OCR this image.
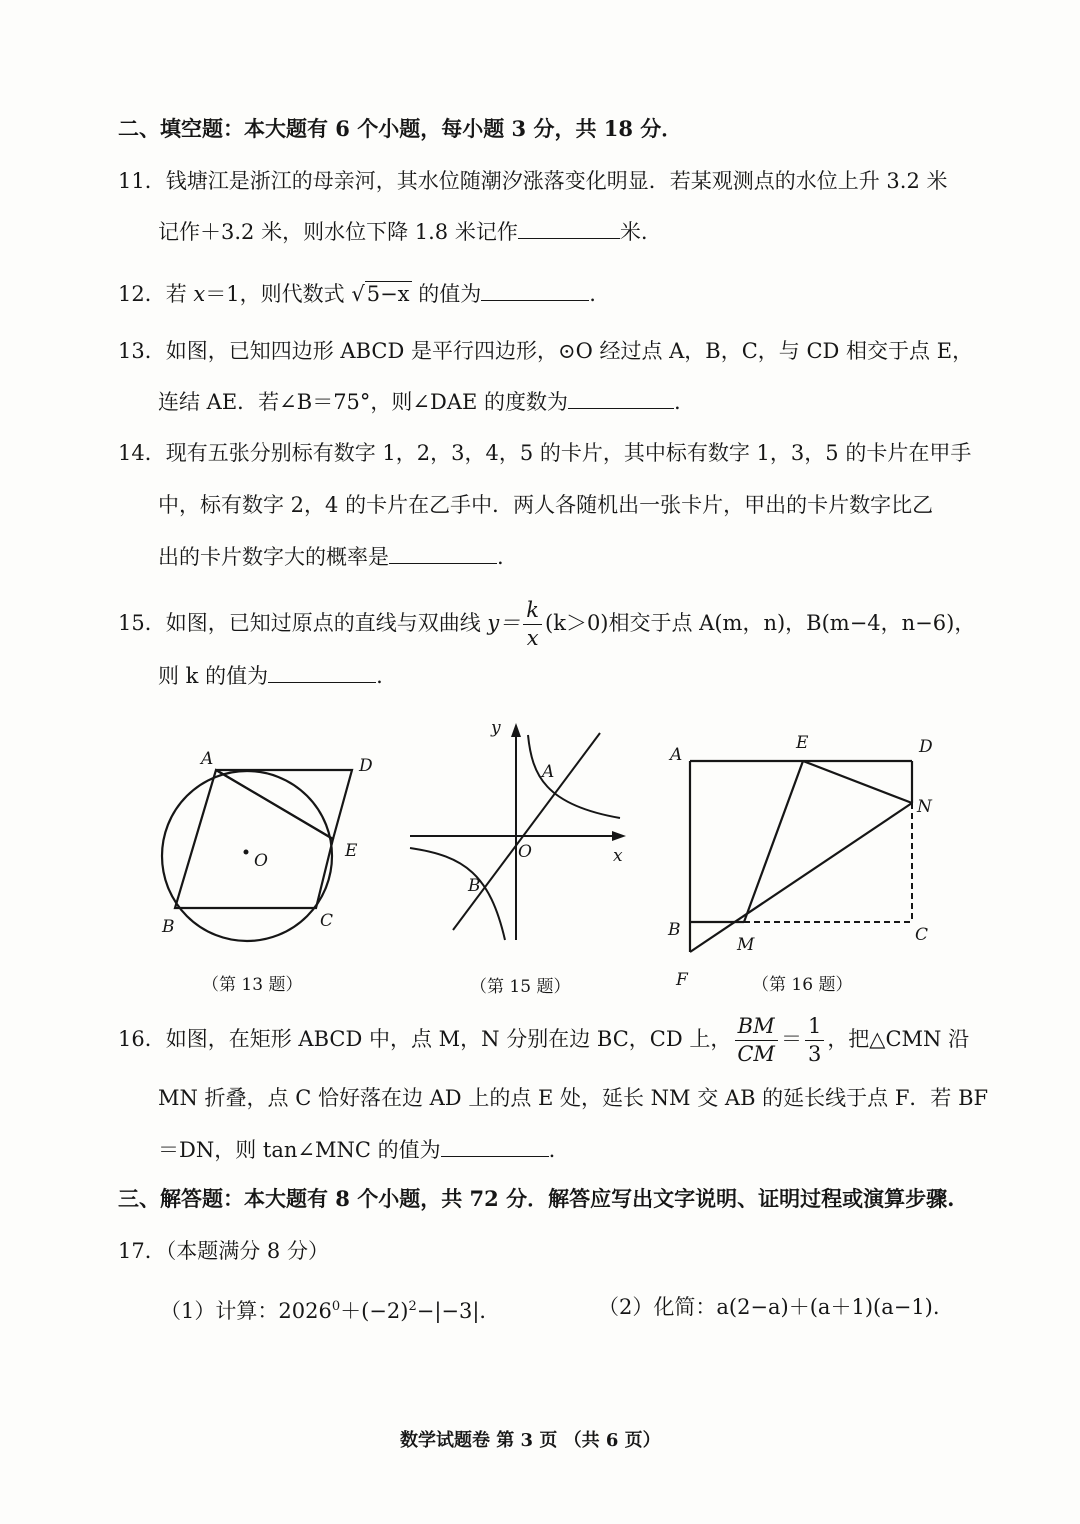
二、填空题：本大题有 6 个小题，每小题 3 分，共 18 分．
11．钱塘江是浙江的母亲河，其水位随潮汐涨落变化明显．若某观测点的水位上升 3.2 米
记作＋3.2 米，则水位下降 1.8 米记作	米.
12．若 x＝1，则代数式 √5−x 的值为	.
13．如图，已知四边形 ABCD 是平行四边形，⊙O 经过点 A，B，C，与 CD 相交于点 E，
连结 AE．若∠B＝75°，则∠DAE 的度数为	.
14．现有五张分别标有数字 1，2，3，4，5 的卡片，其中标有数字 1，3，5 的卡片在甲手
中，标有数字 2，4 的卡片在乙手中．两人各随机出一张卡片，甲出的卡片数字比乙
出的卡片数字大的概率是	.
15．如图，已知过原点的直线与双曲线 $y= \frac{k}{x} (k>0)$相交于点 A(m，n)，B(m−4，n−6)，
则 k 的值为	.
A	D
O	E
B	C
（第 13 题）
y
A
O	x
B
（第 15 题）
A
E	D
N
B
M	C
F	（第 16 题）
16．如图，在矩形 ABCD 中，点 M，N 分别在边 BC，CD 上， $\frac{BM}{CM} = \frac{1}{3}$ ，把△CMN 沿
MN 折叠，点 C 恰好落在边 AD 上的点 E 处，延长 NM 交 AB 的延长线于点 F．若 BF
＝DN，则 tan∠MNC 的值为	.
三、解答题：本大题有 8 个小题，共 72 分．解答应写出文字说明、证明过程或演算步骤.
17．（本题满分 8 分）
（1）计算：$2026^0+(-2)^2-|-3|$．	（2）化简：a(2−a)＋(a＋1)(a−1).
数学试题卷 第 3 页 （共 6 页）
